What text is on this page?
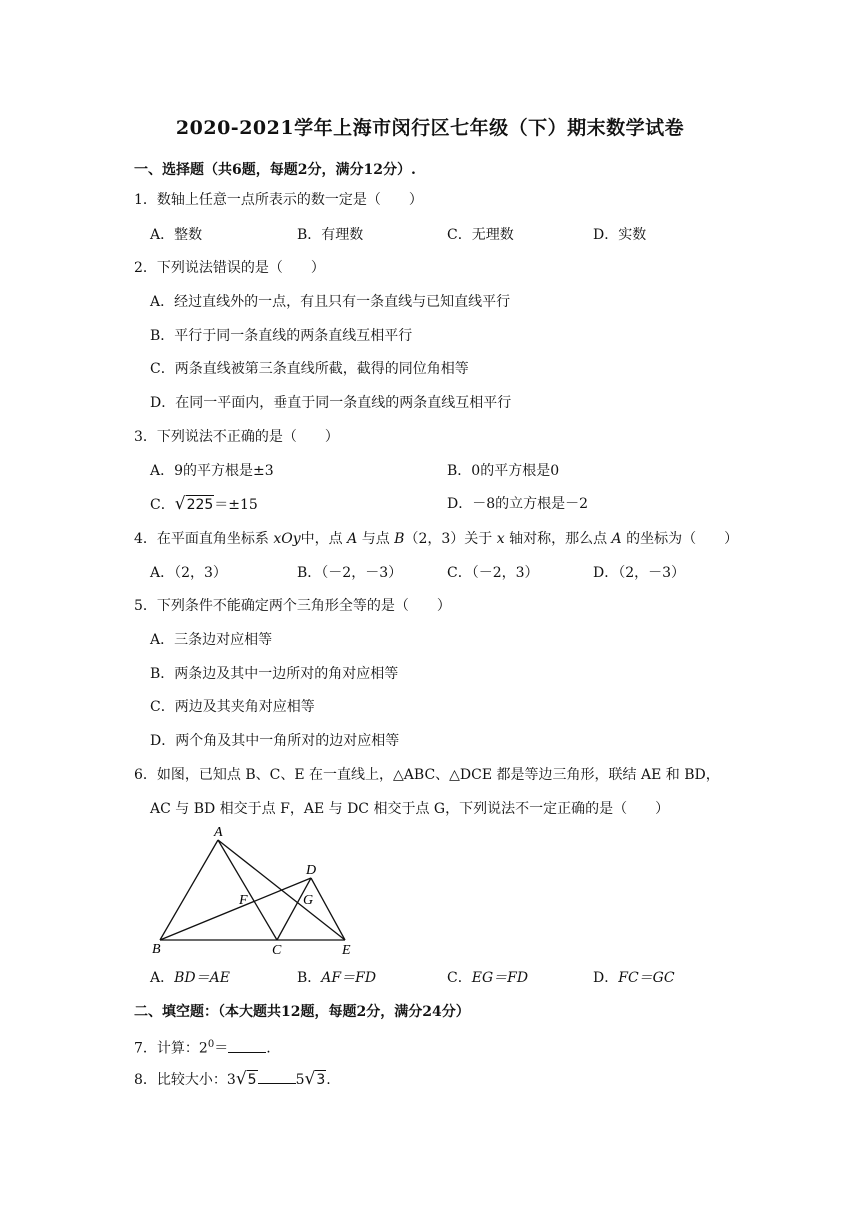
2020-2021学年上海市闵行区七年级（下）期末数学试卷
一、选择题（共6题，每题2分，满分12分）.
1．数轴上任意一点所表示的数一定是（　　）
A．整数	B．有理数	C．无理数	D．实数
2．下列说法错误的是（　　）
A．经过直线外的一点，有且只有一条直线与已知直线平行
B．平行于同一条直线的两条直线互相平行
C．两条直线被第三条直线所截，截得的同位角相等
D．在同一平面内，垂直于同一条直线的两条直线互相平行
3．下列说法不正确的是（　　）
A．9的平方根是±3	B．0的平方根是0
C．√225＝±15	D．－8的立方根是－2
4．在平面直角坐标系 xOy中，点 A 与点 B（2，3）关于 x 轴对称，那么点 A 的坐标为（　　）
A．（2，3）	B．（－2，－3）	C．（－2，3）	D．（2，－3）
5．下列条件不能确定两个三角形全等的是（　　）
A．三条边对应相等
B．两条边及其中一边所对的角对应相等
C．两边及其夹角对应相等
D．两个角及其中一角所对的边对应相等
6．如图，已知点 B、C、E 在一直线上，△ABC、△DCE 都是等边三角形，联结 AE 和 BD，
AC 与 BD 相交于点 F，AE 与 DC 相交于点 G，下列说法不一定正确的是（　　）
A
B	C
D
E
F	G
A．BD＝AE	B．AF＝FD	C．EG＝FD	D．FC＝GC
二、填空题：（本大题共12题，每题2分，满分24分）
7．计算：$2^0=$	.
8．比较大小：3√5	5√3.
